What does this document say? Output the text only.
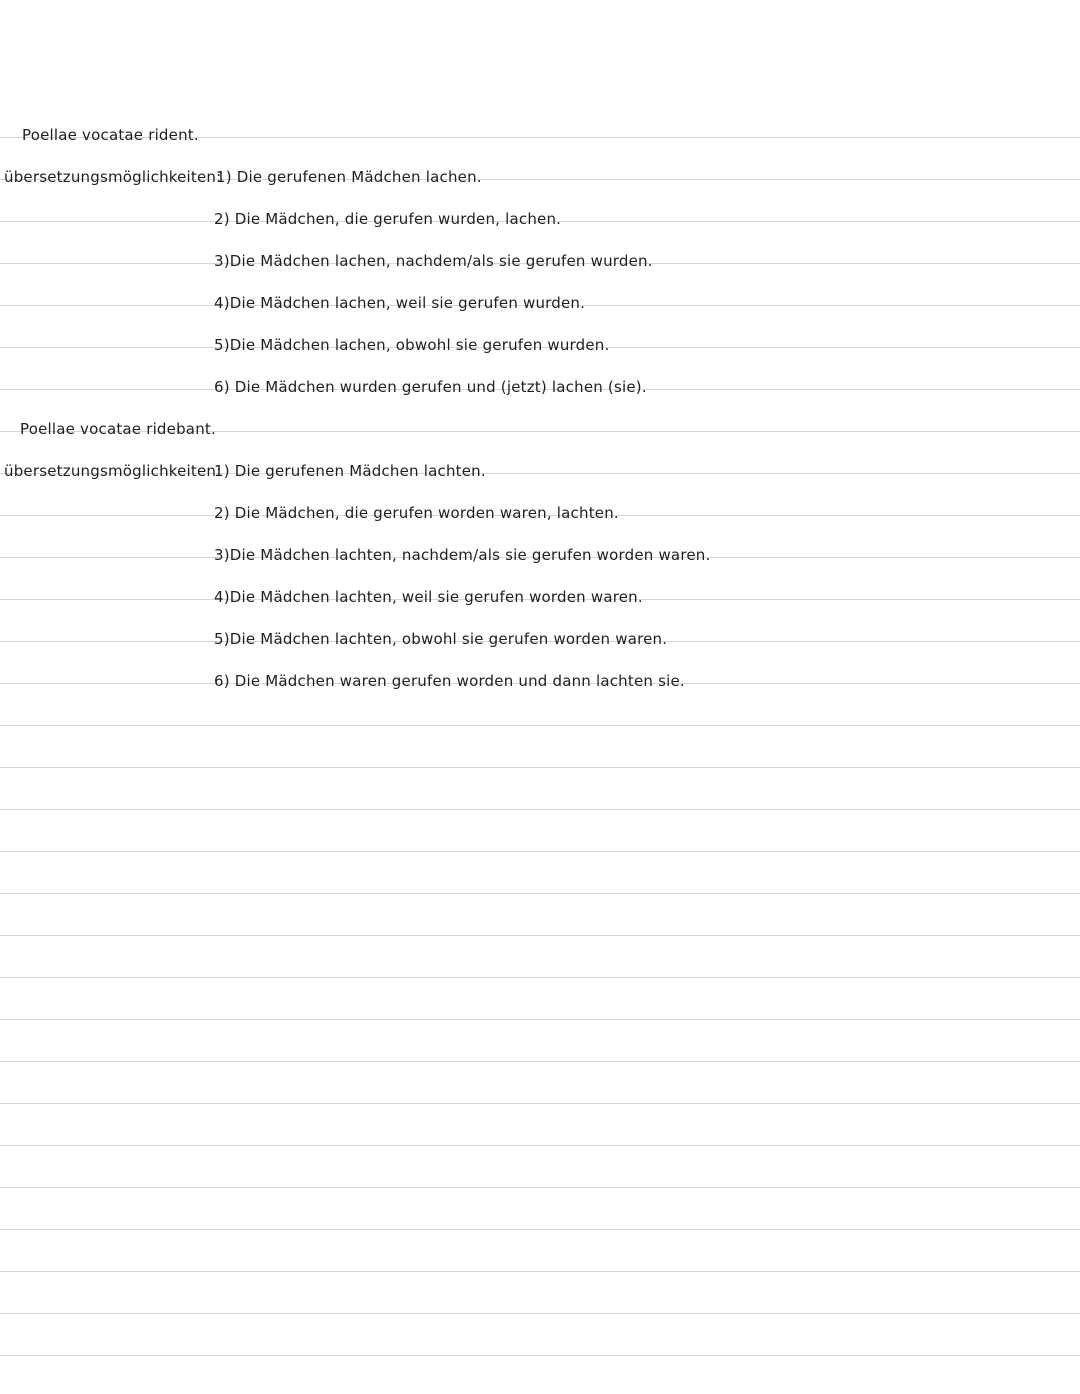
Poellae vocatae rident.
übersetzungsmöglichkeiten:
1) Die gerufenen Mädchen lachen.
2) Die Mädchen, die gerufen wurden, lachen.
3)Die Mädchen lachen, nachdem/als sie gerufen wurden.
4)Die Mädchen lachen, weil sie gerufen wurden.
5)Die Mädchen lachen, obwohl sie gerufen wurden.
6) Die Mädchen wurden gerufen und (jetzt) lachen (sie).
Poellae vocatae ridebant.
übersetzungsmöglichkeiten:
1) Die gerufenen Mädchen lachten.
2) Die Mädchen, die gerufen worden waren, lachten.
3)Die Mädchen lachten, nachdem/als sie gerufen worden waren.
4)Die Mädchen lachten, weil sie gerufen worden waren.
5)Die Mädchen lachten, obwohl sie gerufen worden waren.
6) Die Mädchen waren gerufen worden und dann lachten sie.
